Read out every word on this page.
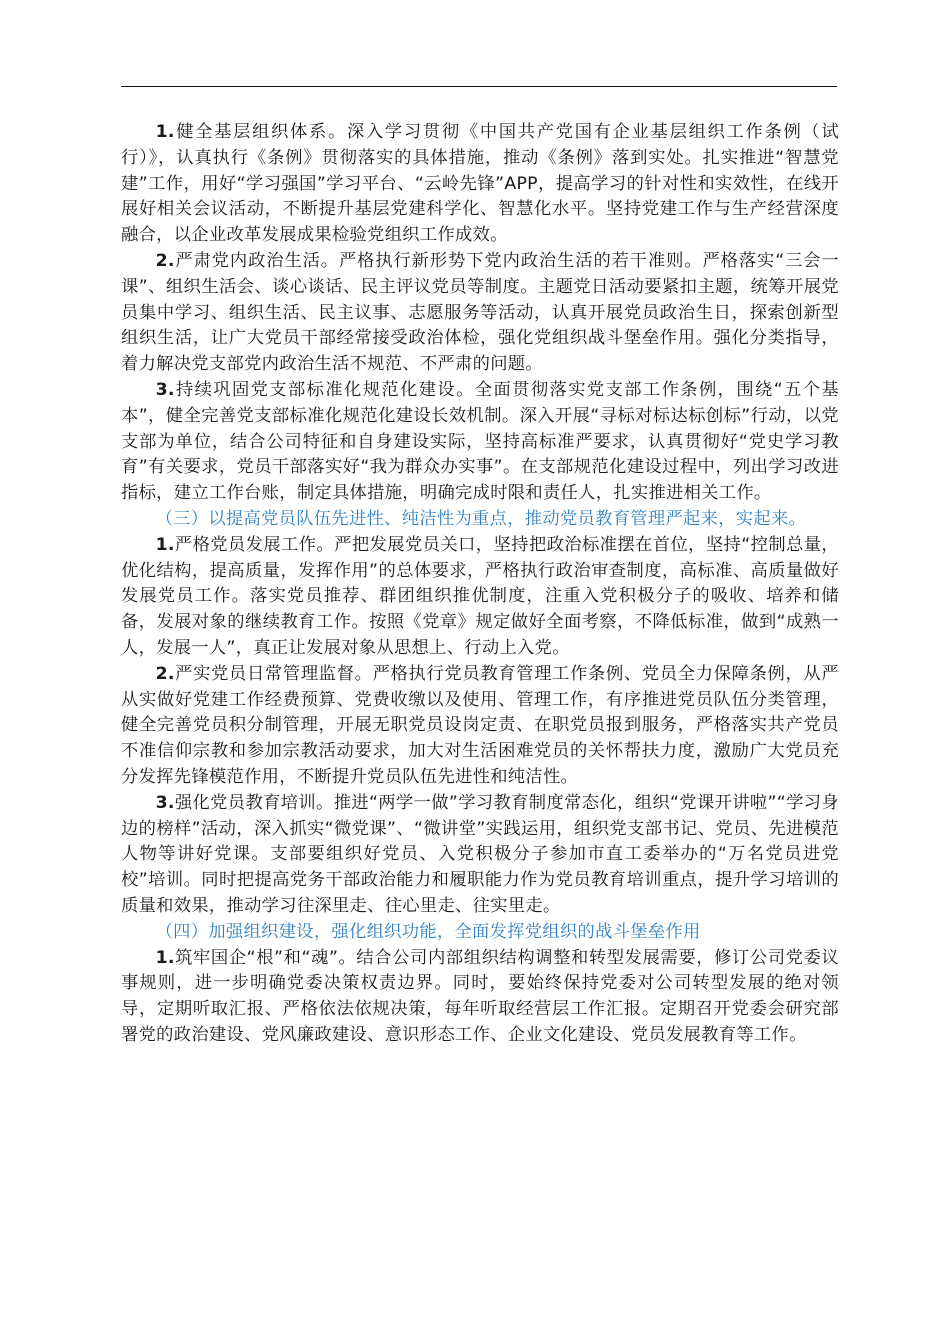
1.健全基层组织体系。深入学习贯彻《中国共产党国有企业基层组织工作条例（试行）》，认真执行《条例》贯彻落实的具体措施，推动《条例》落到实处。扎实推进“智慧党建”工作，用好“学习强国”学习平台、“云岭先锋”APP，提高学习的针对性和实效性，在线开展好相关会议活动，不断提升基层党建科学化、智慧化水平。坚持党建工作与生产经营深度融合，以企业改革发展成果检验党组织工作成效。

2.严肃党内政治生活。严格执行新形势下党内政治生活的若干准则。严格落实“三会一课”、组织生活会、谈心谈话、民主评议党员等制度。主题党日活动要紧扣主题，统筹开展党员集中学习、组织生活、民主议事、志愿服务等活动，认真开展党员政治生日，探索创新型组织生活，让广大党员干部经常接受政治体检，强化党组织战斗堡垒作用。强化分类指导，着力解决党支部党内政治生活不规范、不严肃的问题。

3.持续巩固党支部标准化规范化建设。全面贯彻落实党支部工作条例，围绕“五个基本”，健全完善党支部标准化规范化建设长效机制。深入开展“寻标对标达标创标”行动，以党支部为单位，结合公司特征和自身建设实际，坚持高标准严要求，认真贯彻好“党史学习教育”有关要求，党员干部落实好“我为群众办实事”。在支部规范化建设过程中，列出学习改进指标，建立工作台账，制定具体措施，明确完成时限和责任人，扎实推进相关工作。

（三）以提高党员队伍先进性、纯洁性为重点，推动党员教育管理严起来，实起来。

1.严格党员发展工作。严把发展党员关口，坚持把政治标准摆在首位，坚持“控制总量，优化结构，提高质量，发挥作用”的总体要求，严格执行政治审查制度，高标准、高质量做好发展党员工作。落实党员推荐、群团组织推优制度，注重入党积极分子的吸收、培养和储备，发展对象的继续教育工作。按照《党章》规定做好全面考察，不降低标准，做到“成熟一人，发展一人”，真正让发展对象从思想上、行动上入党。

2.严实党员日常管理监督。严格执行党员教育管理工作条例、党员全力保障条例，从严从实做好党建工作经费预算、党费收缴以及使用、管理工作，有序推进党员队伍分类管理，健全完善党员积分制管理，开展无职党员设岗定责、在职党员报到服务，严格落实共产党员不准信仰宗教和参加宗教活动要求，加大对生活困难党员的关怀帮扶力度，激励广大党员充分发挥先锋模范作用，不断提升党员队伍先进性和纯洁性。

3.强化党员教育培训。推进“两学一做”学习教育制度常态化，组织“党课开讲啦”“学习身边的榜样”活动，深入抓实“微党课”、“微讲堂”实践运用，组织党支部书记、党员、先进模范人物等讲好党课。支部要组织好党员、入党积极分子参加市直工委举办的“万名党员进党校”培训。同时把提高党务干部政治能力和履职能力作为党员教育培训重点，提升学习培训的质量和效果，推动学习往深里走、往心里走、往实里走。

（四）加强组织建设，强化组织功能，全面发挥党组织的战斗堡垒作用

1.筑牢国企“根”和“魂”。结合公司内部组织结构调整和转型发展需要，修订公司党委议事规则，进一步明确党委决策权责边界。同时，要始终保持党委对公司转型发展的绝对领导，定期听取汇报、严格依法依规决策，每年听取经营层工作汇报。定期召开党委会研究部署党的政治建设、党风廉政建设、意识形态工作、企业文化建设、党员发展教育等工作。
